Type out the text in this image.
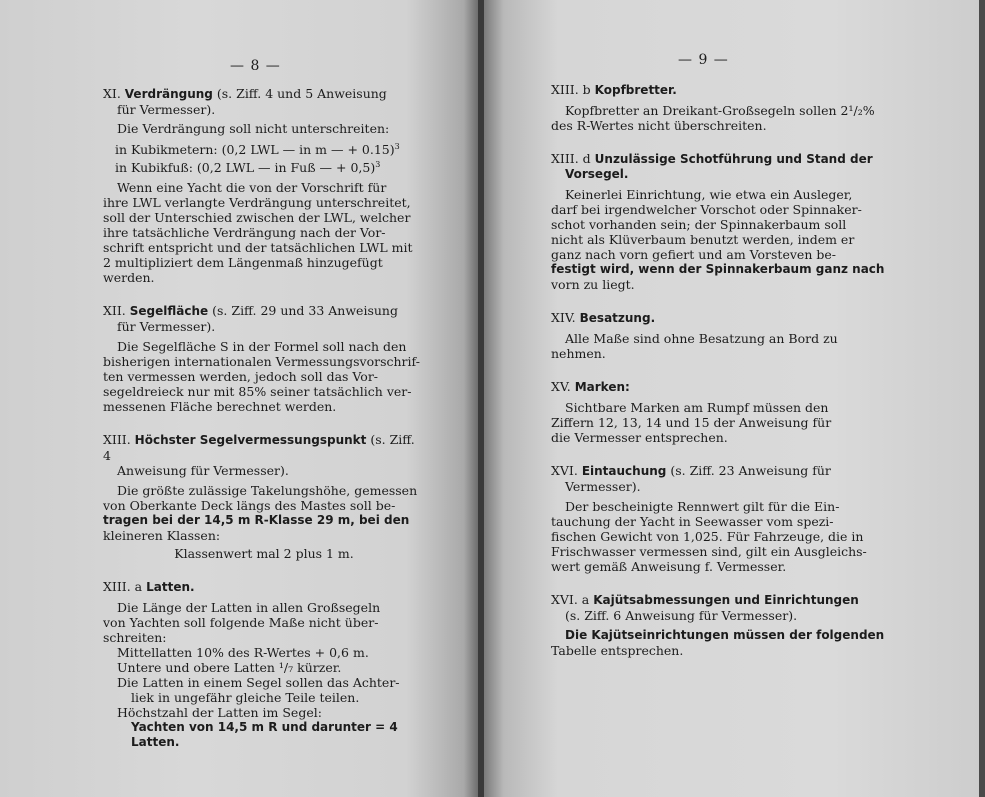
— 8 —

XI. Verdrängung (s. Ziff. 4 und 5 Anweisung

für Vermesser).

Die Verdrängung soll nicht unterschreiten:

in Kubikmetern: (0,2 LWL — in m — + 0.15)$^3$

in Kubikfuß: (0,2 LWL — in Fuß — + 0,5)$^3$

Wenn eine Yacht die von der Vorschrift für

ihre LWL verlangte Verdrängung unterschreitet,

soll der Unterschied zwischen der LWL, welcher

ihre tatsächliche Verdrängung nach der Vor-

schrift entspricht und der tatsächlichen LWL mit

2 multipliziert dem Längenmaß hinzugefügt

werden.

XII. Segelfläche (s. Ziff. 29 und 33 Anweisung

für Vermesser).

Die Segelfläche S in der Formel soll nach den

bisherigen internationalen Vermessungsvorschrif-

ten vermessen werden, jedoch soll das Vor-

segeldreieck nur mit 85% seiner tatsächlich ver-

messenen Fläche berechnet werden.

XIII. Höchster Segelvermessungspunkt (s. Ziff. 4

Anweisung für Vermesser).

Die größte zulässige Takelungshöhe, gemessen

von Oberkante Deck längs des Mastes soll be-

tragen bei der 14,5 m R-Klasse 29 m, bei den

kleineren Klassen:

Klassenwert mal 2 plus 1 m.

XIII. a Latten.

Die Länge der Latten in allen Großsegeln

von Yachten soll folgende Maße nicht über-

schreiten:

Mittellatten 10% des R-Wertes + 0,6 m.

Untere und obere Latten ¹/₇ kürzer.

Die Latten in einem Segel sollen das Achter-

liek in ungefähr gleiche Teile teilen.

Höchstzahl der Latten im Segel:

Yachten von 14,5 m R und darunter = 4

Latten.

— 9 —

XIII. b Kopfbretter.

Kopfbretter an Dreikant-Großsegeln sollen 2¹/₂%

des R-Wertes nicht überschreiten.

XIII. d Unzulässige Schotführung und Stand der

Vorsegel.

Keinerlei Einrichtung, wie etwa ein Ausleger,

darf bei irgendwelcher Vorschot oder Spinnaker-

schot vorhanden sein; der Spinnakerbaum soll

nicht als Klüverbaum benutzt werden, indem er

ganz nach vorn gefiert und am Vorsteven be-

festigt wird, wenn der Spinnakerbaum ganz nach

vorn zu liegt.

XIV. Besatzung.

Alle Maße sind ohne Besatzung an Bord zu

nehmen.

XV. Marken:

Sichtbare Marken am Rumpf müssen den

Ziffern 12, 13, 14 und 15 der Anweisung für

die Vermesser entsprechen.

XVI. Eintauchung (s. Ziff. 23 Anweisung für

Vermesser).

Der bescheinigte Rennwert gilt für die Ein-

tauchung der Yacht in Seewasser vom spezi-

fischen Gewicht von 1,025. Für Fahrzeuge, die in

Frischwasser vermessen sind, gilt ein Ausgleichs-

wert gemäß Anweisung f. Vermesser.

XVI. a Kajütsabmessungen und Einrichtungen

(s. Ziff. 6 Anweisung für Vermesser).

Die Kajütseinrichtungen müssen der folgenden

Tabelle entsprechen.
